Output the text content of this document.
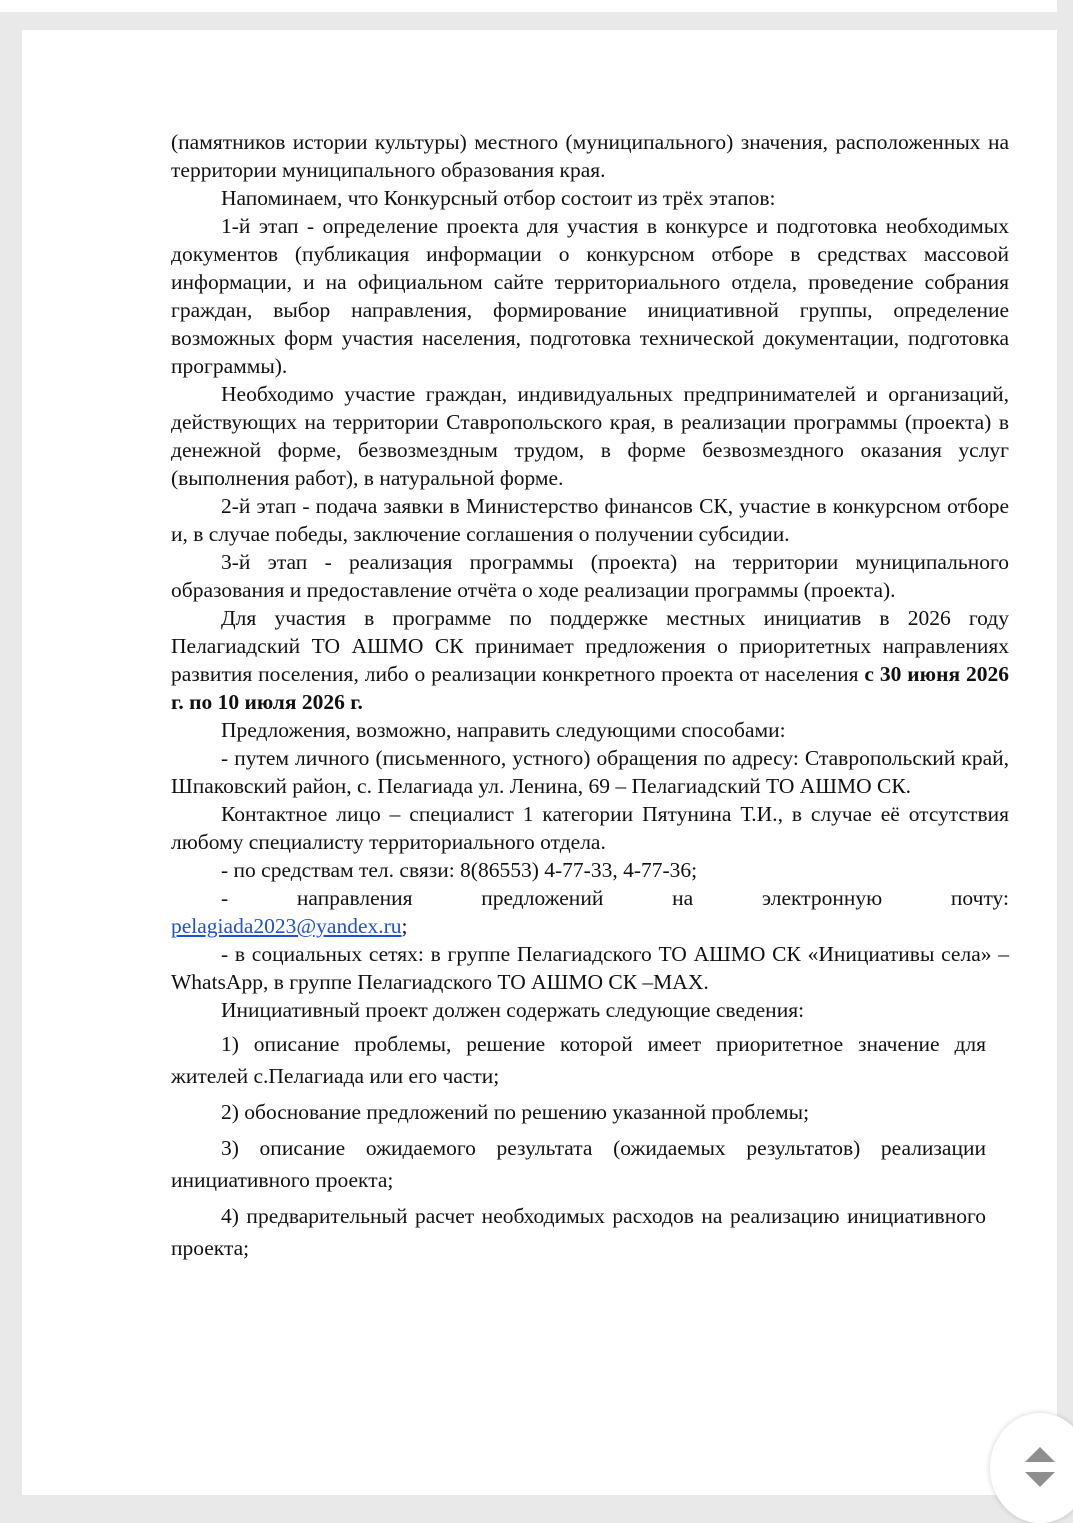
(памятников истории культуры) местного (муниципального) значения, расположенных на территории муниципального образования края.

Напоминаем, что Конкурсный отбор состоит из трёх этапов:

1-й этап - определение проекта для участия в конкурсе и подготовка необходимых документов (публикация информации о конкурсном отборе в средствах массовой информации, и на официальном сайте территориального отдела, проведение собрания граждан, выбор направления, формирование инициативной группы, определение возможных форм участия населения, подготовка технической документации, подготовка программы).

Необходимо участие граждан, индивидуальных предпринимателей и организаций, действующих на территории Ставропольского края, в реализации программы (проекта) в денежной форме, безвозмездным трудом, в форме безвозмездного оказания услуг (выполнения работ), в натуральной форме.

2-й этап - подача заявки в Министерство финансов СК, участие в конкурсном отборе и, в случае победы, заключение соглашения о получении субсидии.

3-й этап - реализация программы (проекта) на территории муниципального образования и предоставление отчёта о ходе реализации программы (проекта).

Для участия в программе по поддержке местных инициатив в 2026 году Пелагиадский ТО АШМО СК принимает предложения о приоритетных направлениях развития поселения, либо о реализации конкретного проекта от населения с 30 июня 2026 г. по 10 июля 2026 г.

Предложения, возможно, направить следующими способами:

- путем личного (письменного, устного) обращения по адресу: Ставропольский край, Шпаковский район, с. Пелагиада ул. Ленина, 69 – Пелагиадский ТО АШМО СК.

Контактное лицо – специалист 1 категории Пятунина Т.И., в случае её отсутствия любому специалисту территориального отдела.

- по средствам тел. связи: 8(86553) 4-77-33, 4-77-36;

- направления предложений на электронную почту:

pelagiada2023@yandex.ru;

- в социальных сетях: в группе Пелагиадского ТО АШМО СК «Инициативы села» – WhatsApp, в группе Пелагиадского ТО АШМО СК –MAX.

Инициативный проект должен содержать следующие сведения:

1) описание проблемы, решение которой имеет приоритетное значение для жителей с.Пелагиада или его части;

2) обоснование предложений по решению указанной проблемы;

3) описание ожидаемого результата (ожидаемых результатов) реализации инициативного проекта;

4) предварительный расчет необходимых расходов на реализацию инициативного проекта;
